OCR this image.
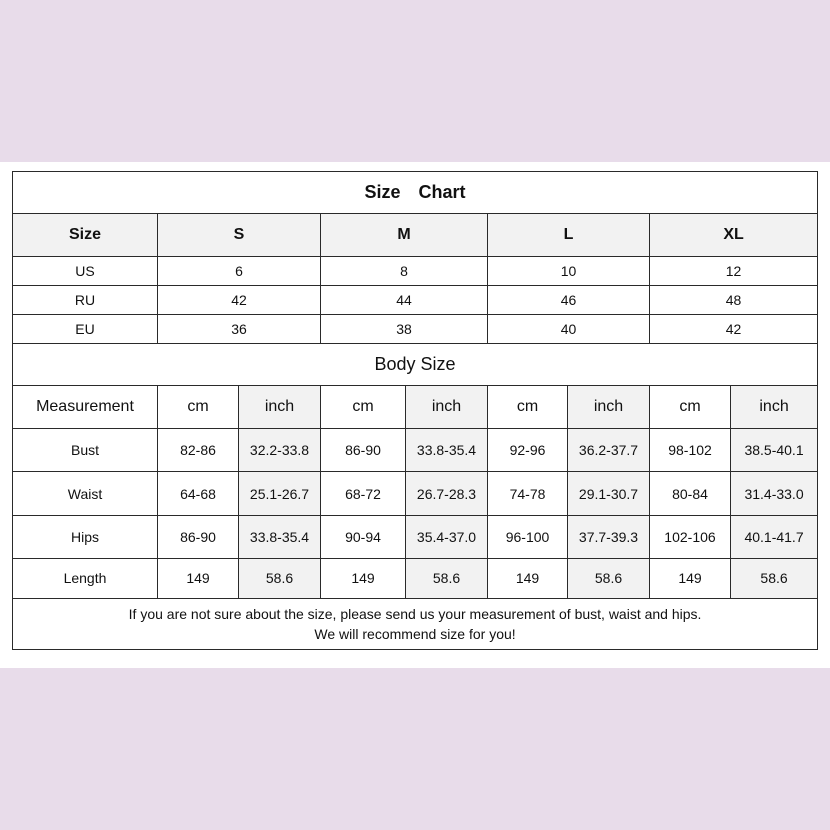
Size Chart								
Size	S		M		L		XL	
US	6		8		10		12	
RU	42		44		46		48	
EU	36		38		40		42	
Body Size								
Measurement	cm	inch	cm	inch	cm	inch	cm	inch
Bust	82-86	32.2-33.8	86-90	33.8-35.4	92-96	36.2-37.7	98-102	38.5-40.1
Waist	64-68	25.1-26.7	68-72	26.7-28.3	74-78	29.1-30.7	80-84	31.4-33.0
Hips	86-90	33.8-35.4	90-94	35.4-37.0	96-100	37.7-39.3	102-106	40.1-41.7
Length	149	58.6	149	58.6	149	58.6	149	58.6

If you are not sure about the size, please send us your measurement of bust, waist and hips.
We will recommend size for you!								
